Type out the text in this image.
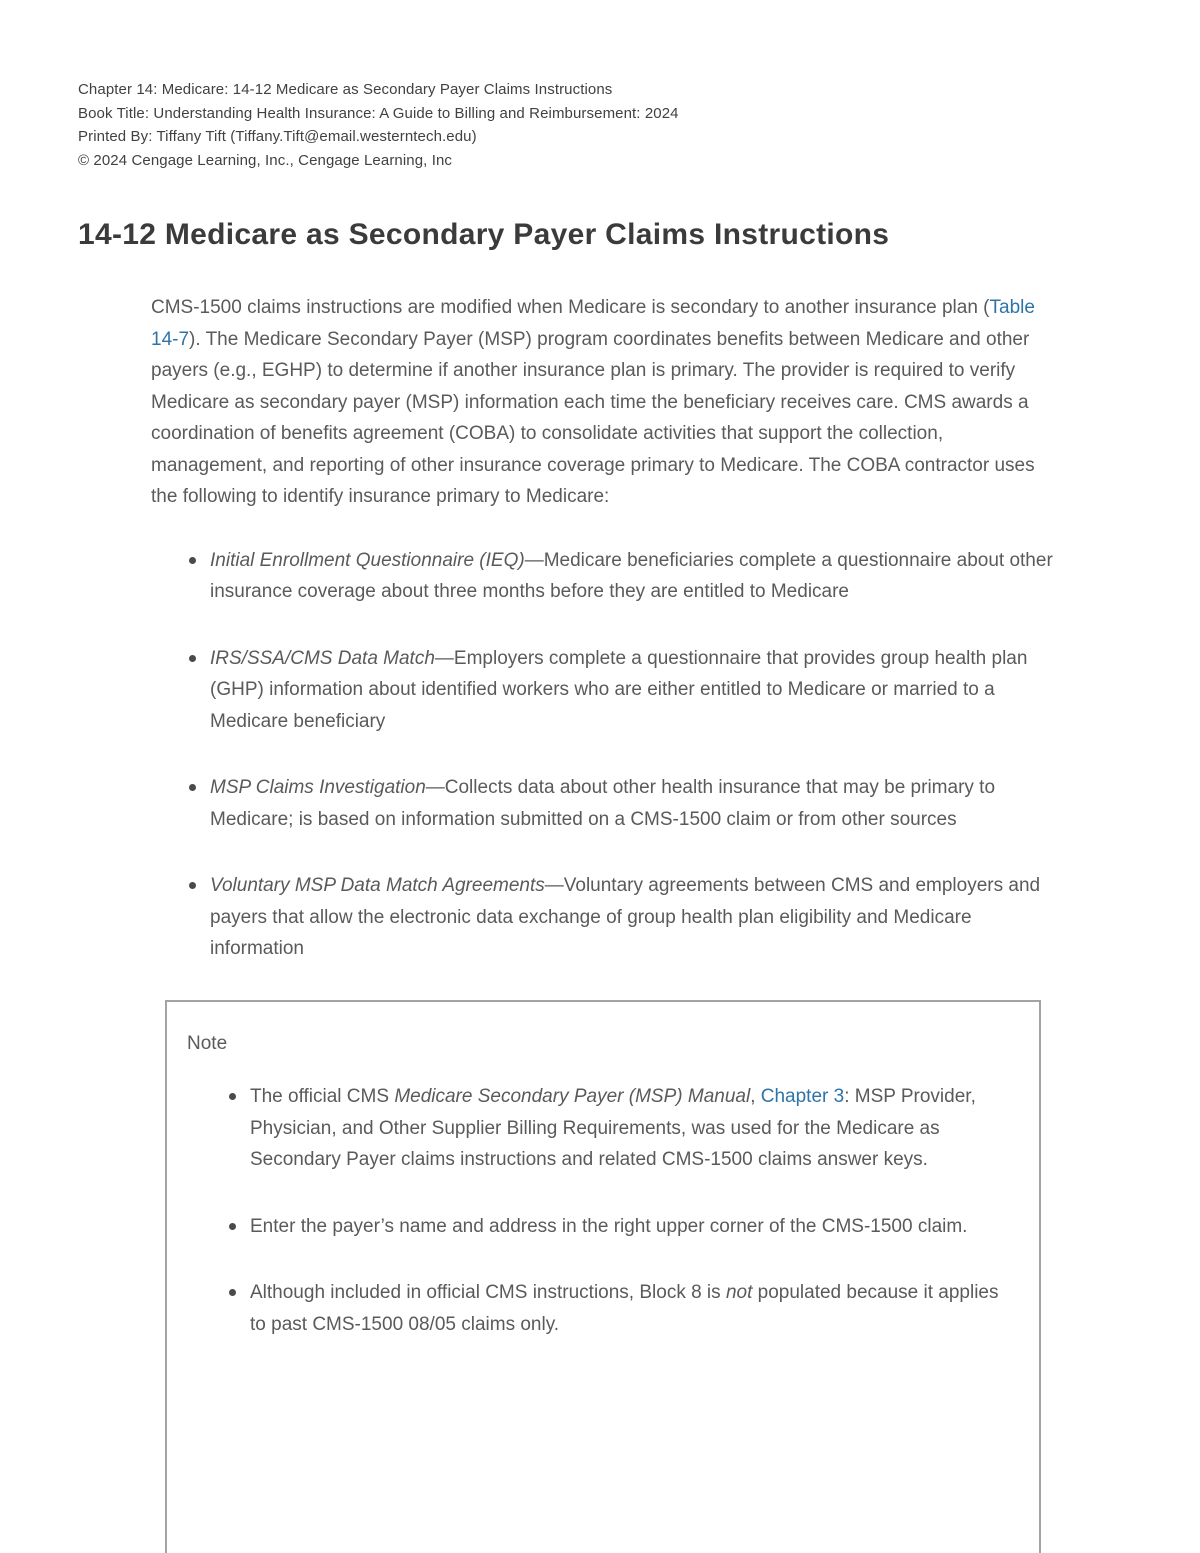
Chapter 14: Medicare: 14-12 Medicare as Secondary Payer Claims Instructions
Book Title: Understanding Health Insurance: A Guide to Billing and Reimbursement: 2024
Printed By: Tiffany Tift (Tiffany.Tift@email.westerntech.edu)
© 2024 Cengage Learning, Inc., Cengage Learning, Inc
14-12 Medicare as Secondary Payer Claims Instructions

CMS-1500 claims instructions are modified when Medicare is secondary to another insurance plan (Table 14-7). The Medicare Secondary Payer (MSP) program coordinates benefits between Medicare and other payers (e.g., EGHP) to determine if another insurance plan is primary. The provider is required to verify Medicare as secondary payer (MSP) information each time the beneficiary receives care. CMS awards a coordination of benefits agreement (COBA) to consolidate activities that support the collection, management, and reporting of other insurance coverage primary to Medicare. The COBA contractor uses the following to identify insurance primary to Medicare:

Initial Enrollment Questionnaire (IEQ)—Medicare beneficiaries complete a questionnaire about other insurance coverage about three months before they are entitled to Medicare
IRS/SSA/CMS Data Match—Employers complete a questionnaire that provides group health plan (GHP) information about identified workers who are either entitled to Medicare or married to a Medicare beneficiary
MSP Claims Investigation—Collects data about other health insurance that may be primary to Medicare; is based on information submitted on a CMS-1500 claim or from other sources
Voluntary MSP Data Match Agreements—Voluntary agreements between CMS and employers and payers that allow the electronic data exchange of group health plan eligibility and Medicare information
Note
The official CMS Medicare Secondary Payer (MSP) Manual, Chapter 3: MSP Provider, Physician, and Other Supplier Billing Requirements, was used for the Medicare as Secondary Payer claims instructions and related CMS-1500 claims answer keys.
Enter the payer’s name and address in the right upper corner of the CMS-1500 claim.
Although included in official CMS instructions, Block 8 is not populated because it applies to past CMS-1500 08/05 claims only.
